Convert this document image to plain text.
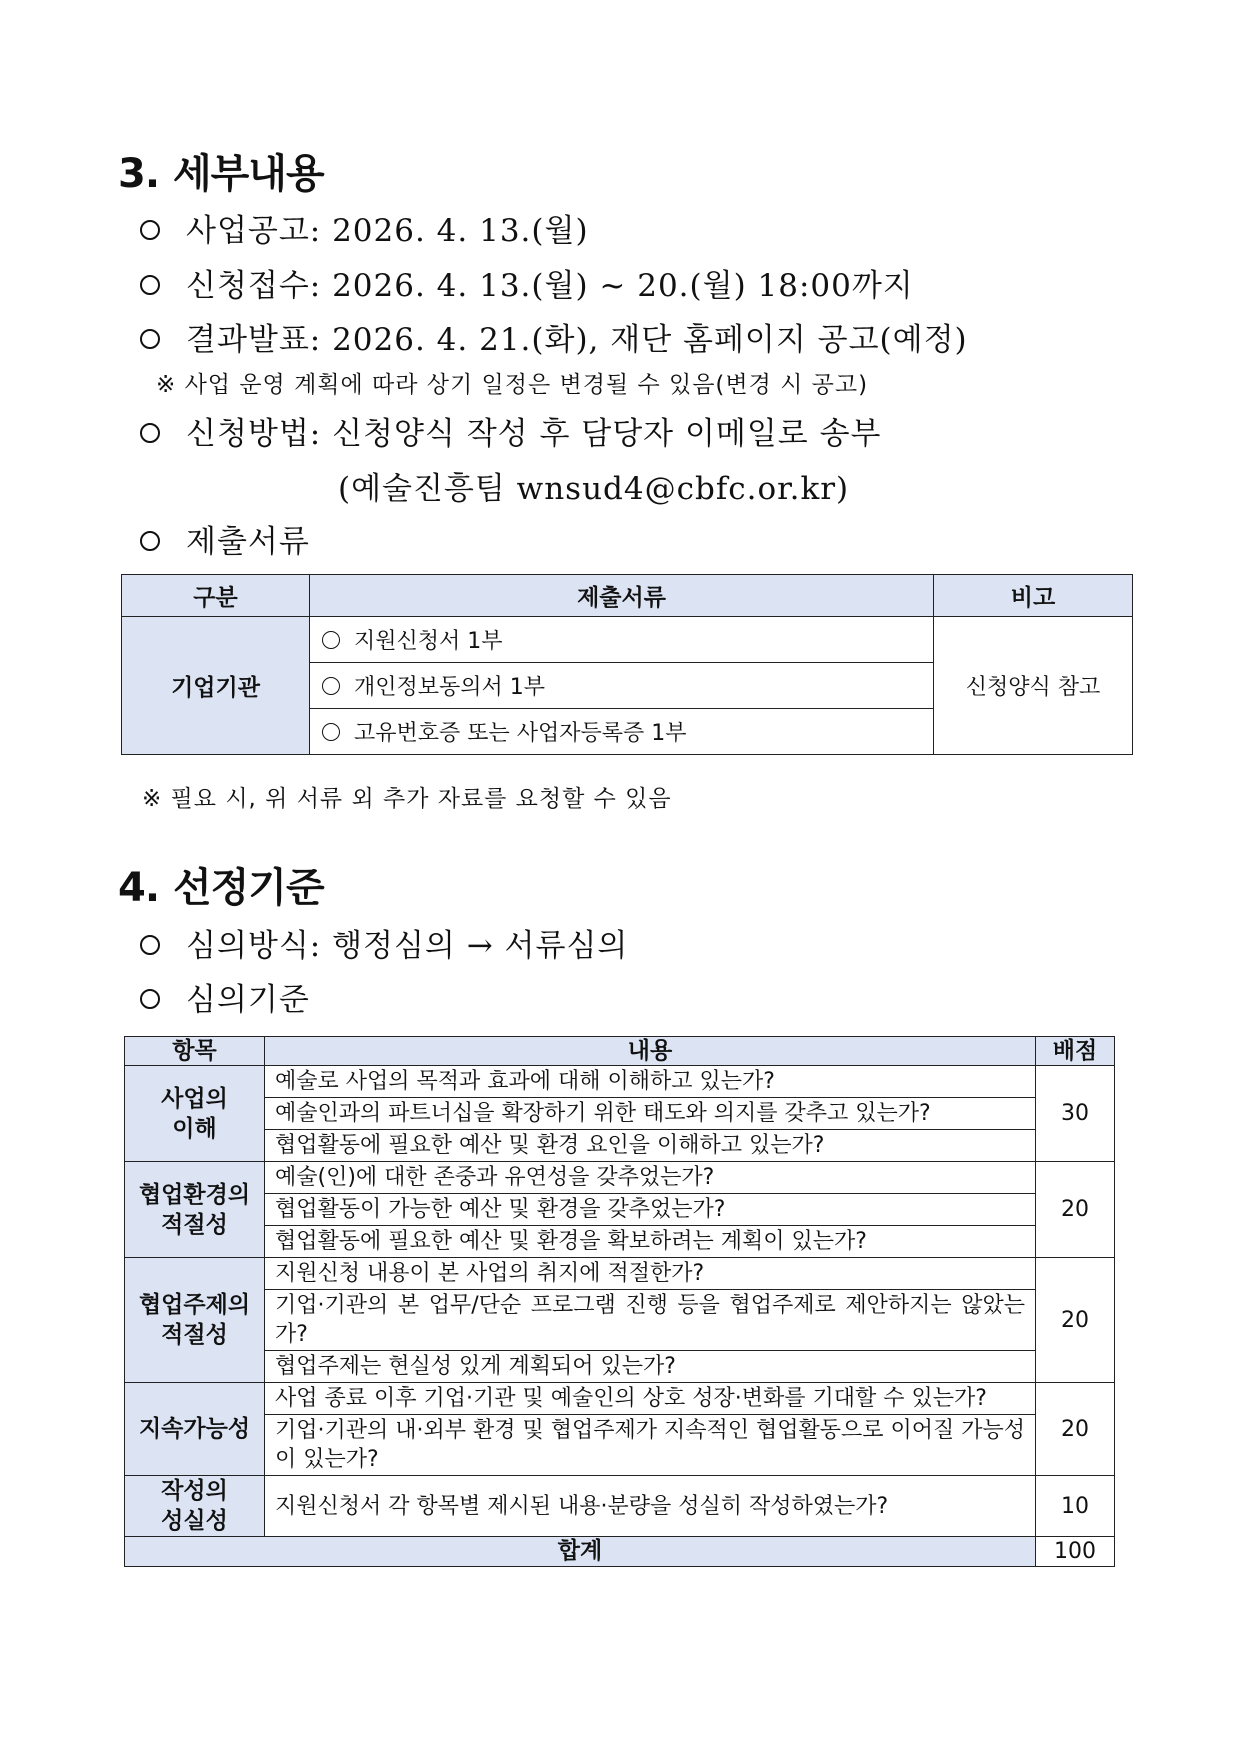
3. 세부내용
사업공고: 2026. 4. 13.(월)
신청접수: 2026. 4. 13.(월) ~ 20.(월) 18:00까지
결과발표: 2026. 4. 21.(화), 재단 홈페이지 공고(예정)
※ 사업 운영 계획에 따라 상기 일정은 변경될 수 있음(변경 시 공고)
신청방법: 신청양식 작성 후 담당자 이메일로 송부
(예술진흥팀 wnsud4@cbfc.or.kr)
제출서류
구분	제출서류	비고
기업기관	지원신청서 1부	신청양식 참고
	개인정보동의서 1부	
	고유번호증 또는 사업자등록증 1부	
※ 필요 시, 위 서류 외 추가 자료를 요청할 수 있음
4. 선정기준
심의방식: 행정심의 → 서류심의
심의기준
항목	내용	배점
사업의
이해	예술로 사업의 목적과 효과에 대해 이해하고 있는가?	30
	예술인과의 파트너십을 확장하기 위한 태도와 의지를 갖추고 있는가?	
	협업활동에 필요한 예산 및 환경 요인을 이해하고 있는가?	
협업환경의
적절성	예술(인)에 대한 존중과 유연성을 갖추었는가?	20
	협업활동이 가능한 예산 및 환경을 갖추었는가?	
	협업활동에 필요한 예산 및 환경을 확보하려는 계획이 있는가?	
협업주제의
적절성	지원신청 내용이 본 사업의 취지에 적절한가?	20
	기업·기관의 본 업무/단순 프로그램 진행 등을 협업주제로 제안하지는 않았는가?	
	협업주제는 현실성 있게 계획되어 있는가?	
지속가능성	사업 종료 이후 기업·기관 및 예술인의 상호 성장·변화를 기대할 수 있는가?	20
	기업·기관의 내·외부 환경 및 협업주제가 지속적인 협업활동으로 이어질 가능성이 있는가?	
작성의
성실성	지원신청서 각 항목별 제시된 내용·분량을 성실히 작성하였는가?	10
합계		100
